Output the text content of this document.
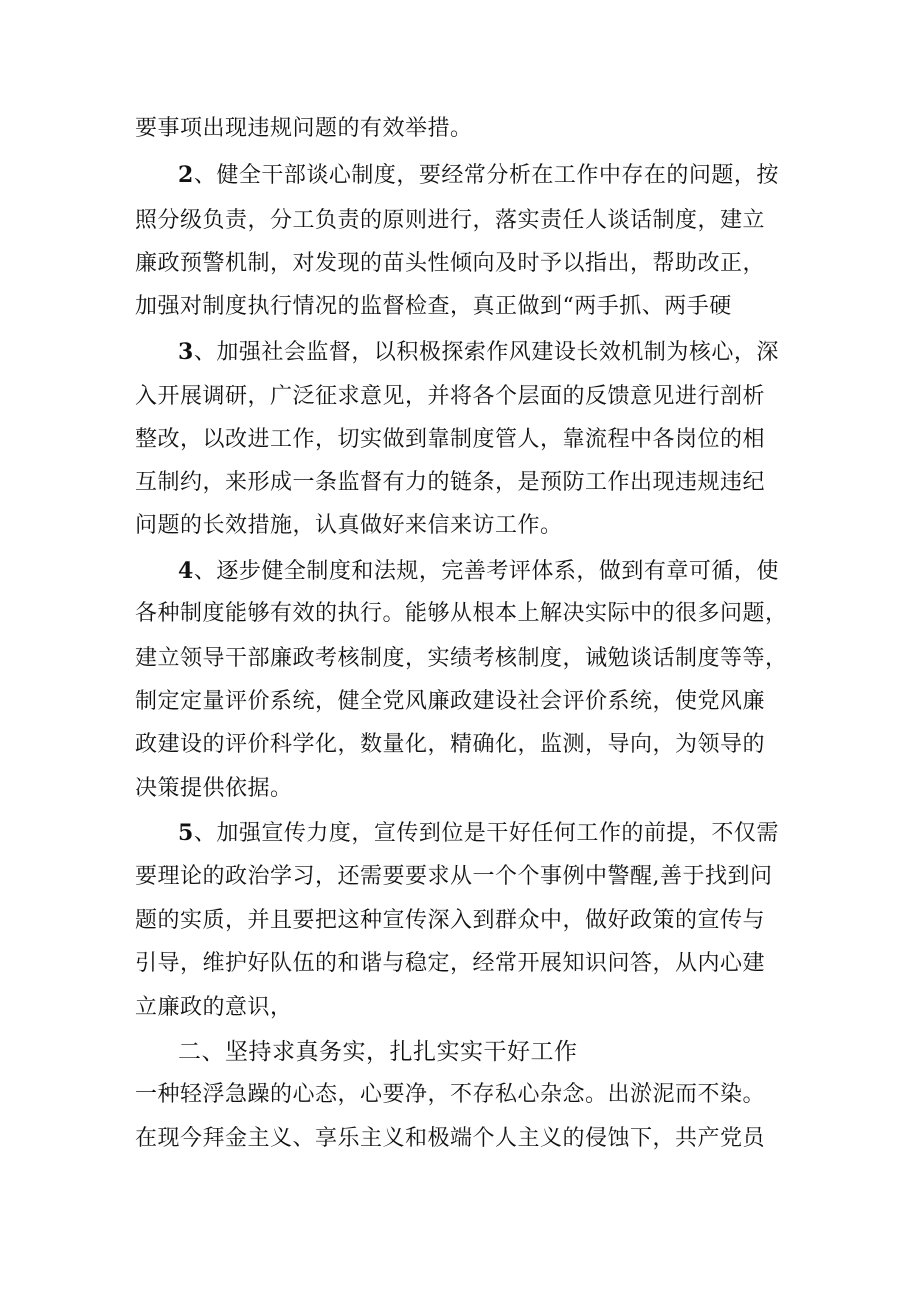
要事项出现违规问题的有效举措。
2、健全干部谈心制度，要经常分析在工作中存在的问题，按
照分级负责，分工负责的原则进行，落实责任人谈话制度，建立
廉政预警机制，对发现的苗头性倾向及时予以指出，帮助改正，
加强对制度执行情况的监督检查，真正做到“两手抓、两手硬
3、加强社会监督，以积极探索作风建设长效机制为核心，深
入开展调研，广泛征求意见，并将各个层面的反馈意见进行剖析
整改，以改进工作，切实做到靠制度管人，靠流程中各岗位的相
互制约，来形成一条监督有力的链条，是预防工作出现违规违纪
问题的长效措施，认真做好来信来访工作。
4、逐步健全制度和法规，完善考评体系，做到有章可循，使
各种制度能够有效的执行。能够从根本上解决实际中的很多问题，
建立领导干部廉政考核制度，实绩考核制度，诫勉谈话制度等等，
制定定量评价系统，健全党风廉政建设社会评价系统，使党风廉
政建设的评价科学化，数量化，精确化，监测，导向，为领导的
决策提供依据。
5、加强宣传力度，宣传到位是干好任何工作的前提，不仅需
要理论的政治学习，还需要要求从一个个事例中警醒,善于找到问
题的实质，并且要把这种宣传深入到群众中，做好政策的宣传与
引导，维护好队伍的和谐与稳定，经常开展知识问答，从内心建
立廉政的意识，
二、坚持求真务实，扎扎实实干好工作
一种轻浮急躁的心态，心要净，不存私心杂念。出淤泥而不染。
在现今拜金主义、享乐主义和极端个人主义的侵蚀下，共产党员
